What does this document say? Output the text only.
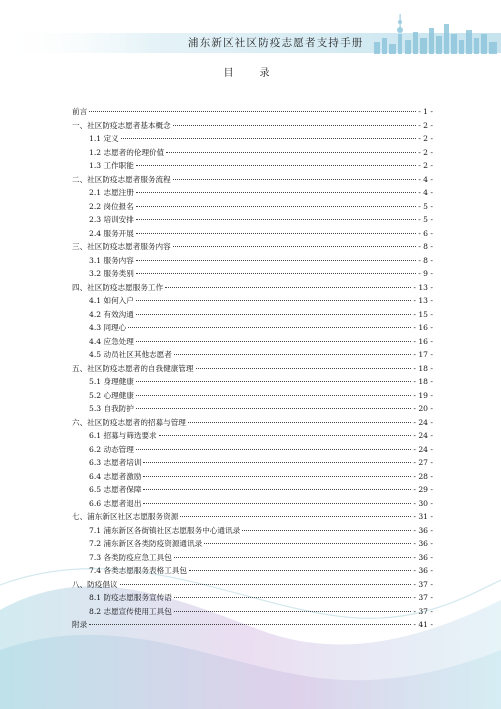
浦东新区社区防疫志愿者支持手册
目　录
前言	- 1 -
一、社区防疫志愿者基本概念	- 2 -
1.1 定义	- 2 -
1.2 志愿者的伦理价值	- 2 -
1.3 工作职能	- 2 -
二、社区防疫志愿者服务流程	- 4 -
2.1 志愿注册	- 4 -
2.2 岗位报名	- 5 -
2.3 培训安排	- 5 -
2.4 服务开展	- 6 -
三、社区防疫志愿者服务内容	- 8 -
3.1 服务内容	- 8 -
3.2 服务类别	- 9 -
四、社区防疫志愿服务工作	- 13 -
4.1 如何入户	- 13 -
4.2 有效沟通	- 15 -
4.3 同理心	- 16 -
4.4 应急处理	- 16 -
4.5 动员社区其他志愿者	- 17 -
五、社区防疫志愿者的自我健康管理	- 18 -
5.1 身理健康	- 18 -
5.2 心理健康	- 19 -
5.3 自我防护	- 20 -
六、社区防疫志愿者的招募与管理	- 24 -
6.1 招募与筛选要求	- 24 -
6.2 动态管理	- 24 -
6.3 志愿者培训	- 27 -
6.4 志愿者激励	- 28 -
6.5 志愿者保障	- 29 -
6.6 志愿者退出	- 30 -
七、浦东新区社区志愿服务资源	- 31 -
7.1 浦东新区各街镇社区志愿服务中心通讯录	- 36 -
7.2 浦东新区各类防疫资源通讯录	- 36 -
7.3 各类防疫应急工具包	- 36 -
7.4 各类志愿服务表格工具包	- 36 -
八、防疫倡议	- 37 -
8.1 防疫志愿服务宣传语	- 37 -
8.2 志愿宣传使用工具包	- 37 -
附录	- 41 -
